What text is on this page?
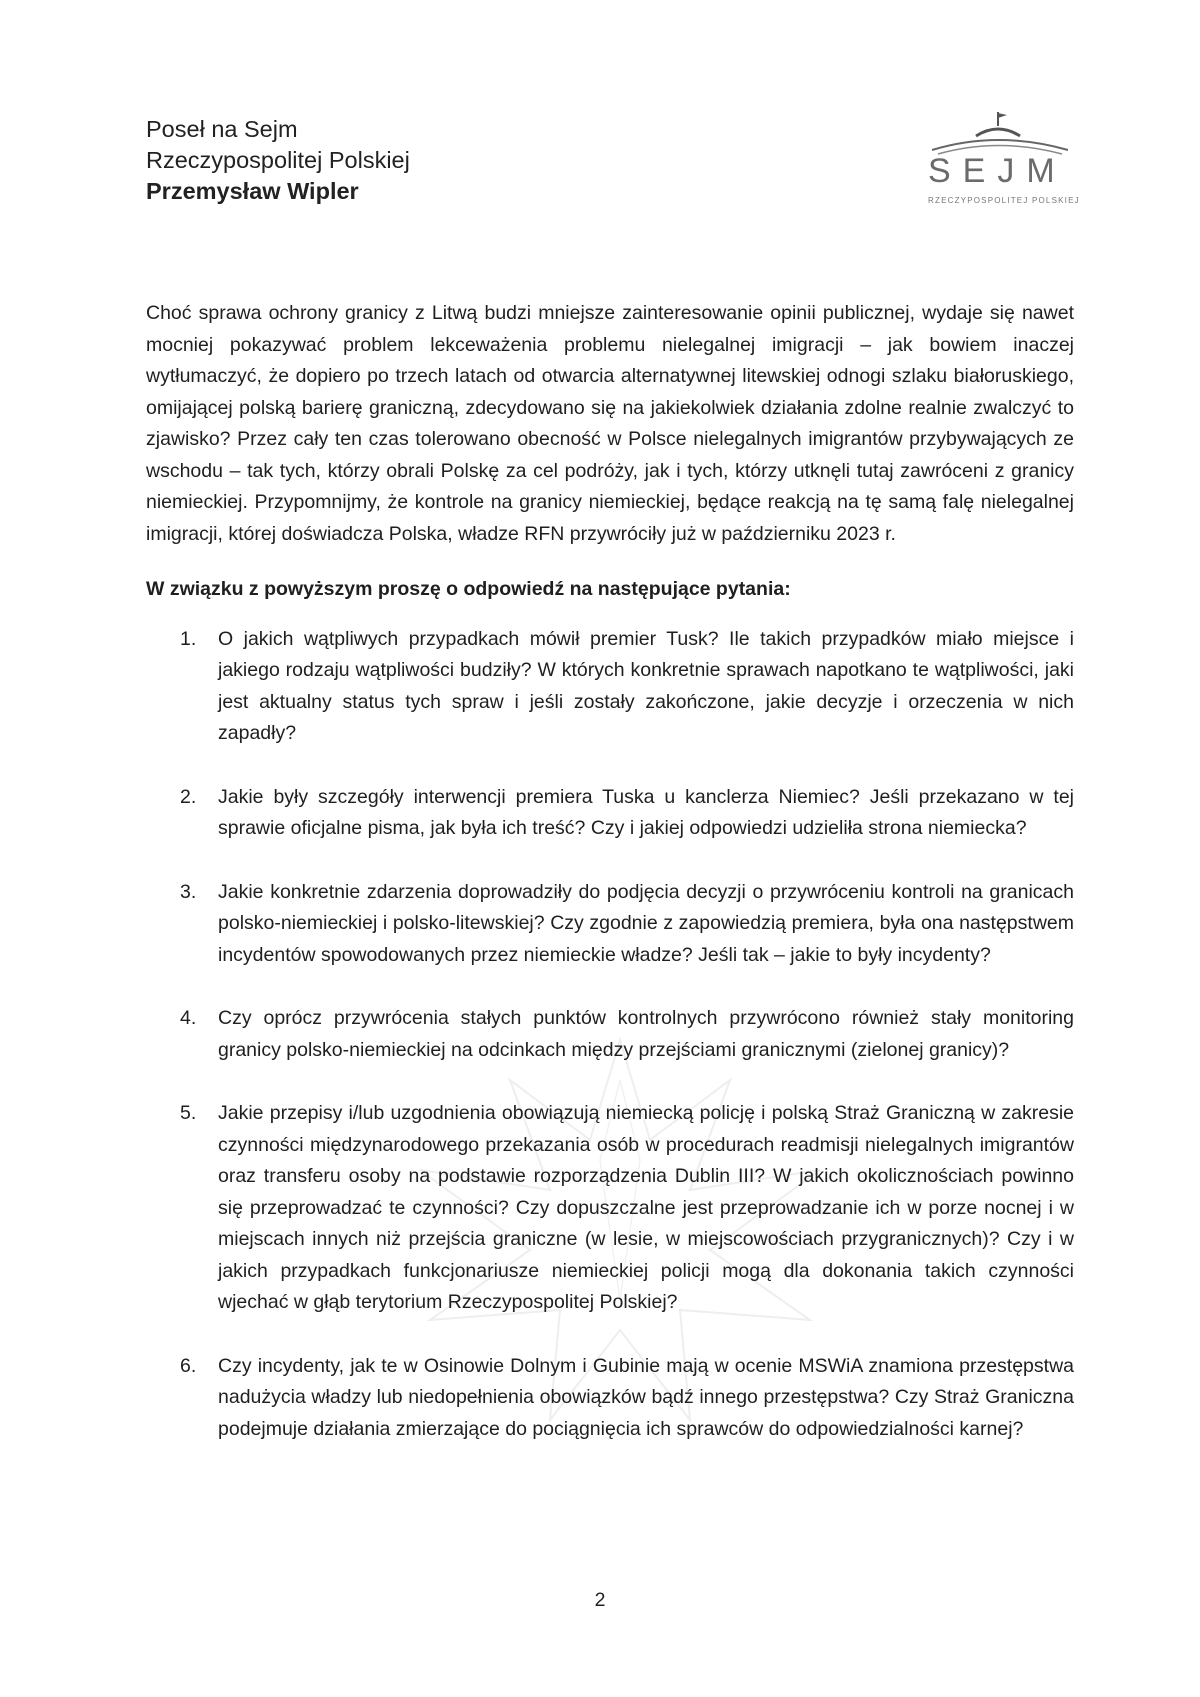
Poseł na Sejm
Rzeczypospolitej Polskiej
Przemysław Wipler
SEJM
RZECZYPOSPOLITEJ POLSKIEJ

Choć sprawa ochrony granicy z Litwą budzi mniejsze zainteresowanie opinii publicznej, wydaje się nawet mocniej pokazywać problem lekceważenia problemu nielegalnej imigracji – jak bowiem inaczej wytłumaczyć, że dopiero po trzech latach od otwarcia alternatywnej litewskiej odnogi szlaku białoruskiego, omijającej polską barierę graniczną, zdecydowano się na jakiekolwiek działania zdolne realnie zwalczyć to zjawisko? Przez cały ten czas tolerowano obecność w Polsce nielegalnych imigrantów przybywających ze wschodu – tak tych, którzy obrali Polskę za cel podróży, jak i tych, którzy utknęli tutaj zawróceni z granicy niemieckiej. Przypomnijmy, że kontrole na granicy niemieckiej, będące reakcją na tę samą falę nielegalnej imigracji, której doświadcza Polska, władze RFN przywróciły już w październiku 2023 r.

W związku z powyższym proszę o odpowiedź na następujące pytania:

1. O jakich wątpliwych przypadkach mówił premier Tusk? Ile takich przypadków miało miejsce i jakiego rodzaju wątpliwości budziły? W których konkretnie sprawach napotkano te wątpliwości, jaki jest aktualny status tych spraw i jeśli zostały zakończone, jakie decyzje i orzeczenia w nich zapadły?
2. Jakie były szczegóły interwencji premiera Tuska u kanclerza Niemiec? Jeśli przekazano w tej sprawie oficjalne pisma, jak była ich treść? Czy i jakiej odpowiedzi udzieliła strona niemiecka?
3. Jakie konkretnie zdarzenia doprowadziły do podjęcia decyzji o przywróceniu kontroli na granicach polsko-niemieckiej i polsko-litewskiej? Czy zgodnie z zapowiedzią premiera, była ona następstwem incydentów spowodowanych przez niemieckie władze? Jeśli tak – jakie to były incydenty?
4. Czy oprócz przywrócenia stałych punktów kontrolnych przywrócono również stały monitoring granicy polsko-niemieckiej na odcinkach między przejściami granicznymi (zielonej granicy)?
5. Jakie przepisy i/lub uzgodnienia obowiązują niemiecką policję i polską Straż Graniczną w zakresie czynności międzynarodowego przekazania osób w procedurach readmisji nielegalnych imigrantów oraz transferu osoby na podstawie rozporządzenia Dublin III? W jakich okolicznościach powinno się przeprowadzać te czynności? Czy dopuszczalne jest przeprowadzanie ich w porze nocnej i w miejscach innych niż przejścia graniczne (w lesie, w miejscowościach przygranicznych)? Czy i w jakich przypadkach funkcjonariusze niemieckiej policji mogą dla dokonania takich czynności wjechać w głąb terytorium Rzeczypospolitej Polskiej?
6. Czy incydenty, jak te w Osinowie Dolnym i Gubinie mają w ocenie MSWiA znamiona przestępstwa nadużycia władzy lub niedopełnienia obowiązków bądź innego przestępstwa? Czy Straż Graniczna podejmuje działania zmierzające do pociągnięcia ich sprawców do odpowiedzialności karnej?
2
